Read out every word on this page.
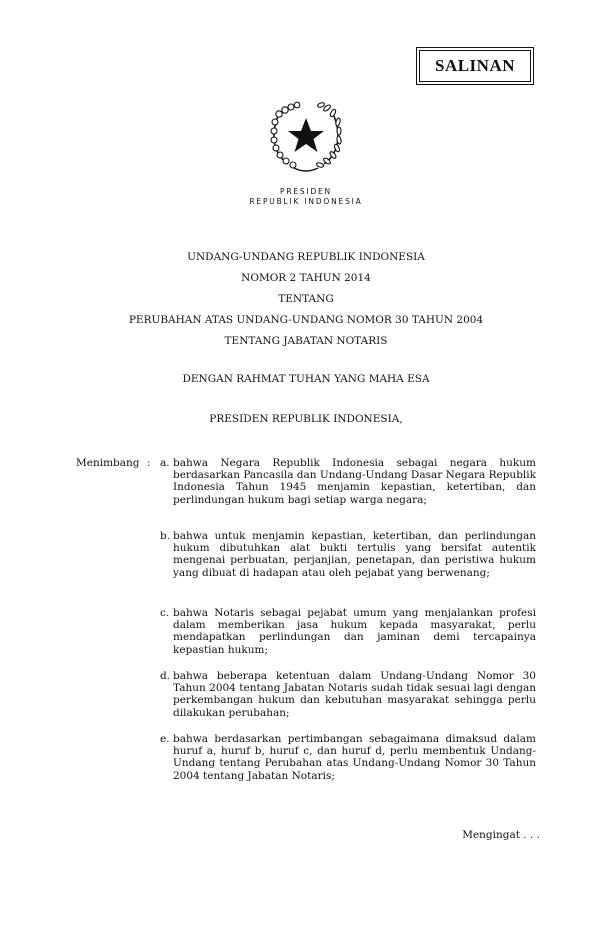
SALINAN
PRESIDEN
REPUBLIK INDONESIA
UNDANG-UNDANG REPUBLIK INDONESIA
NOMOR 2 TAHUN 2014
TENTANG
PERUBAHAN ATAS UNDANG-UNDANG NOMOR 30 TAHUN 2004
TENTANG JABATAN NOTARIS
DENGAN RAHMAT TUHAN YANG MAHA ESA
PRESIDEN REPUBLIK INDONESIA,
Menimbang : a. bahwa Negara Republik Indonesia sebagai negara hukum berdasarkan Pancasila dan Undang-Undang Dasar Negara Republik Indonesia Tahun 1945 menjamin kepastian, ketertiban, dan perlindungan hukum bagi setiap warga negara;
b. bahwa untuk menjamin kepastian, ketertiban, dan perlindungan hukum dibutuhkan alat bukti tertulis yang bersifat autentik mengenai perbuatan, perjanjian, penetapan, dan peristiwa hukum yang dibuat di hadapan atau oleh pejabat yang berwenang;
c. bahwa Notaris sebagai pejabat umum yang menjalankan profesi dalam memberikan jasa hukum kepada masyarakat, perlu mendapatkan perlindungan dan jaminan demi tercapainya kepastian hukum;
d. bahwa beberapa ketentuan dalam Undang-Undang Nomor 30 Tahun 2004 tentang Jabatan Notaris sudah tidak sesuai lagi dengan perkembangan hukum dan kebutuhan masyarakat sehingga perlu dilakukan perubahan;
e. bahwa berdasarkan pertimbangan sebagaimana dimaksud dalam huruf a, huruf b, huruf c, dan huruf d, perlu membentuk Undang-Undang tentang Perubahan atas Undang-Undang Nomor 30 Tahun 2004 tentang Jabatan Notaris;
Mengingat . . .
